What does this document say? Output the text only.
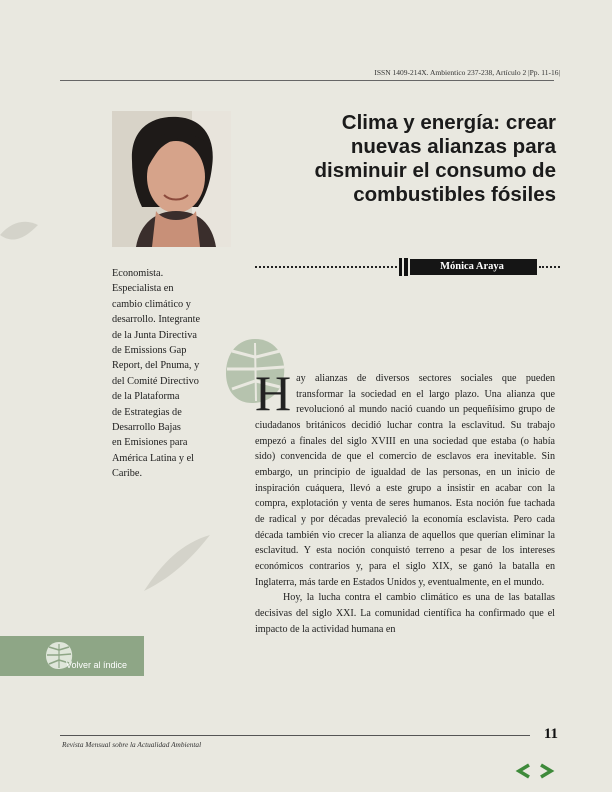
ISSN 1409-214X. Ambientico 237-238, Artículo 2 |Pp. 11-16|
Clima y energía: crear
nuevas alianzas para
disminuir el consumo de
combustibles fósiles
Mónica Araya
Economista.
Especialista en
cambio climático y
desarrollo. Integrante
de la Junta Directiva
de Emissions Gap
Report, del Pnuma, y
del Comité Directivo
de la Plataforma
de Estrategias de
Desarrollo Bajas
en Emisiones para
América Latina y el
Caribe.

Hay alianzas de diversos sectores sociales que pueden transformar la sociedad en el largo plazo. Una alianza que revolucionó al mundo nació cuando un pequeñísimo grupo de ciudadanos británicos decidió luchar contra la esclavitud. Su trabajo empezó a finales del siglo XVIII en una sociedad que estaba (o había sido) convencida de que el comercio de esclavos era inevitable. Sin embargo, un principio de igualdad de las personas, en un inicio de inspiración cuáquera, llevó a este grupo a insistir en acabar con la compra, explotación y venta de seres humanos. Esta noción fue tachada de radical y por décadas prevaleció la economía esclavista. Pero cada década también vio crecer la alianza de aquellos que querían eliminar la esclavitud. Y esta noción conquistó terreno a pesar de los intereses económicos contrarios y, para el siglo XIX, se ganó la batalla en Inglaterra, más tarde en Estados Unidos y, eventualmente, en el mundo.

Hoy, la lucha contra el cambio climático es una de las batallas decisivas del siglo XXI. La comunidad científica ha confirmado que el impacto de la actividad humana en

Volver al índice
11
Revista Mensual sobre la Actualidad Ambiental
